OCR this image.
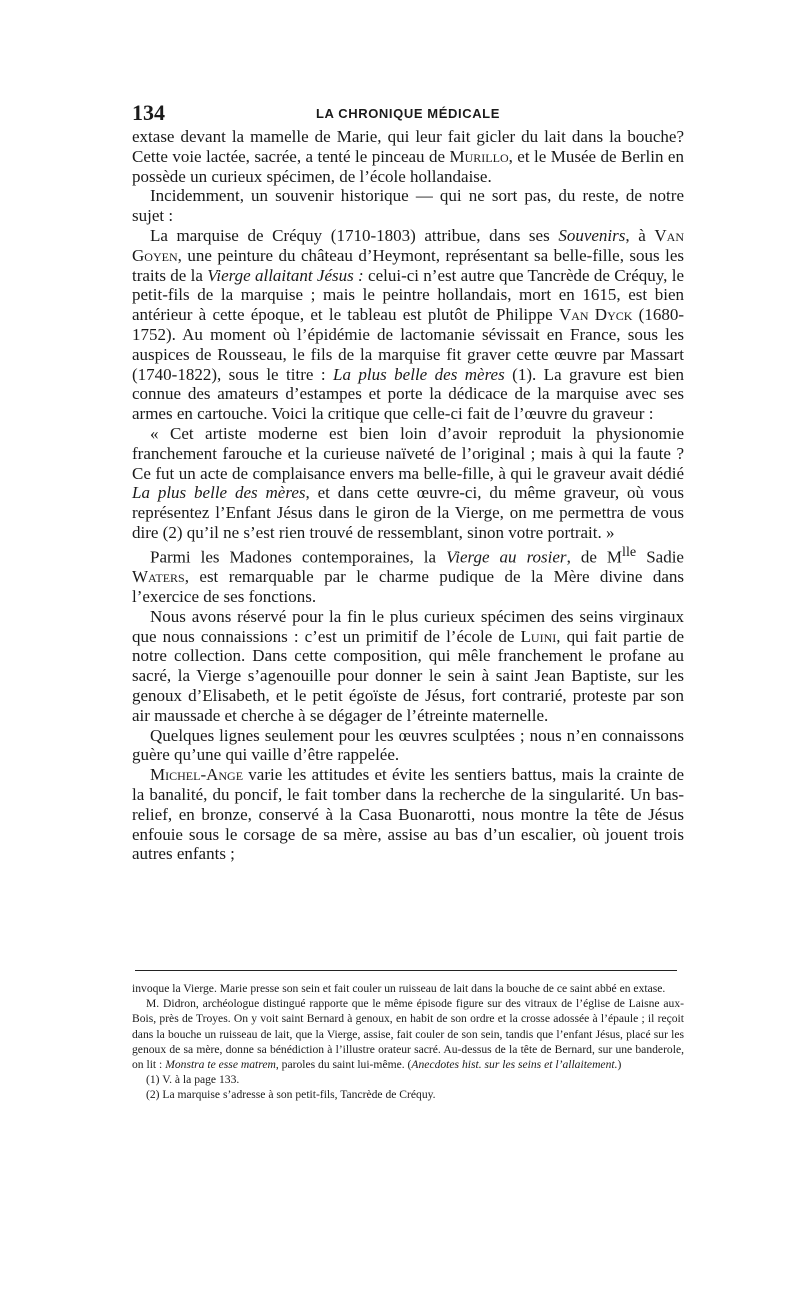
134	LA CHRONIQUE MÉDICALE

extase devant la mamelle de Marie, qui leur fait gicler du lait dans la bouche? Cette voie lactée, sacrée, a tenté le pinceau de Murillo, et le Musée de Berlin en possède un curieux spécimen, de l’école hollandaise.

Incidemment, un souvenir historique — qui ne sort pas, du reste, de notre sujet :

La marquise de Créquy (1710-1803) attribue, dans ses Souvenirs, à Van Goyen, une peinture du château d’Heymont, représentant sa belle-fille, sous les traits de la Vierge allaitant Jésus : celui-ci n’est autre que Tancrède de Créquy, le petit-fils de la marquise ; mais le peintre hollandais, mort en 1615, est bien antérieur à cette époque, et le tableau est plutôt de Philippe Van Dyck (1680-1752). Au moment où l’épidémie de lactomanie sévissait en France, sous les auspices de Rousseau, le fils de la marquise fit graver cette œuvre par Massart (1740-1822), sous le titre : La plus belle des mères (1). La gravure est bien connue des amateurs d’estampes et porte la dédicace de la marquise avec ses armes en cartouche. Voici la critique que celle-ci fait de l’œuvre du graveur :

« Cet artiste moderne est bien loin d’avoir reproduit la physionomie franchement farouche et la curieuse naïveté de l’original ; mais à qui la faute ? Ce fut un acte de complaisance envers ma belle-fille, à qui le graveur avait dédié La plus belle des mères, et dans cette œuvre-ci, du même graveur, où vous représentez l’Enfant Jésus dans le giron de la Vierge, on me permettra de vous dire (2) qu’il ne s’est rien trouvé de ressemblant, sinon votre portrait. »

Parmi les Madones contemporaines, la Vierge au rosier, de $M^{lle}$ Sadie Waters, est remarquable par le charme pudique de la Mère divine dans l’exercice de ses fonctions.

Nous avons réservé pour la fin le plus curieux spécimen des seins virginaux que nous connaissions : c’est un primitif de l’école de Luini, qui fait partie de notre collection. Dans cette composition, qui mêle franchement le profane au sacré, la Vierge s’agenouille pour donner le sein à saint Jean Baptiste, sur les genoux d’Elisabeth, et le petit égoïste de Jésus, fort contrarié, proteste par son air maussade et cherche à se dégager de l’étreinte maternelle.

Quelques lignes seulement pour les œuvres sculptées ; nous n’en connaissons guère qu’une qui vaille d’être rappelée.

Michel-Ange varie les attitudes et évite les sentiers battus, mais la crainte de la banalité, du poncif, le fait tomber dans la recherche de la singularité. Un bas-relief, en bronze, conservé à la Casa Buonarotti, nous montre la tête de Jésus enfouie sous le corsage de sa mère, assise au bas d’un escalier, où jouent trois autres enfants ;

invoque la Vierge. Marie presse son sein et fait couler un ruisseau de lait dans la bouche de ce saint abbé en extase.

M. Didron, archéologue distingué rapporte que le même épisode figure sur des vitraux de l’église de Laisne aux-Bois, près de Troyes. On y voit saint Bernard à genoux, en habit de son ordre et la crosse adossée à l’épaule ; il reçoit dans la bouche un ruisseau de lait, que la Vierge, assise, fait couler de son sein, tandis que l’enfant Jésus, placé sur les genoux de sa mère, donne sa bénédiction à l’illustre orateur sacré. Au-dessus de la tête de Bernard, sur une banderole, on lit : Monstra te esse matrem, paroles du saint lui-même. (Anecdotes hist. sur les seins et l’allaitement.)

(1) V. à la page 133.

(2) La marquise s’adresse à son petit-fils, Tancrède de Créquy.
